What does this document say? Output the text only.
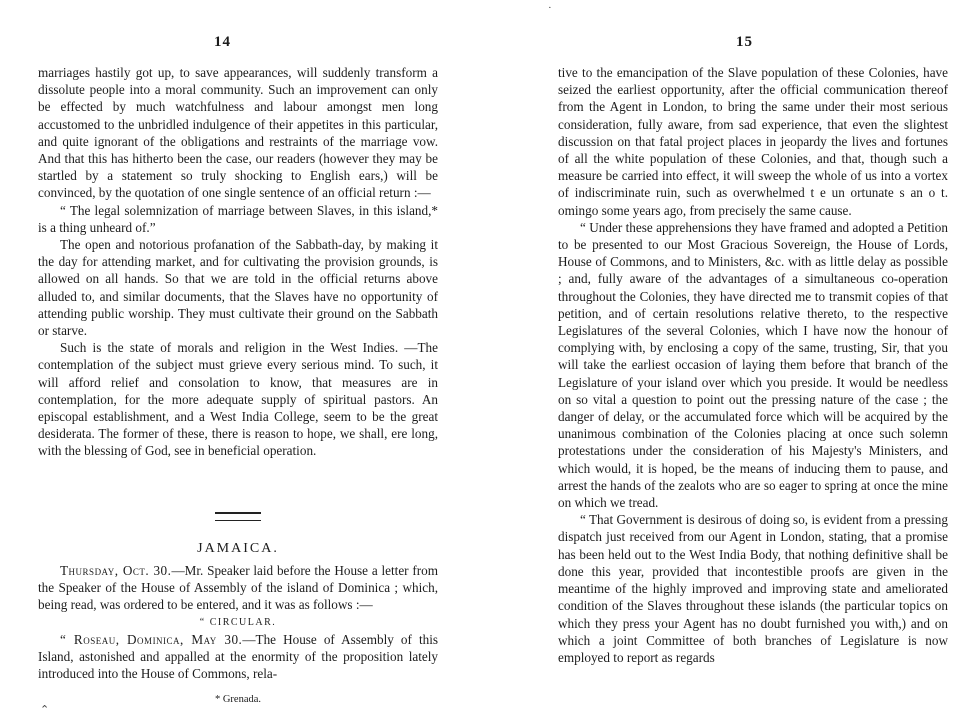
14

marriages hastily got up, to save appearances, will suddenly transform a dissolute people into a moral community. Such an improvement can only be effected by much watchfulness and labour amongst men long accustomed to the unbridled indulgence of their appetites in this particular, and quite ignorant of the obligations and restraints of the marriage vow. And that this has hitherto been the case, our readers (however they may be startled by a statement so truly shocking to English ears,) will be convinced, by the quotation of one single sentence of an official return :—

“ The legal solemnization of marriage between Slaves, in this island,* is a thing unheard of.”

The open and notorious profanation of the Sabbath-day, by making it the day for attending market, and for cultivating the provision grounds, is allowed on all hands. So that we are told in the official returns above alluded to, and similar documents, that the Slaves have no opportunity of attending public worship. They must cultivate their ground on the Sabbath or starve.

Such is the state of morals and religion in the West Indies. —The contemplation of the subject must grieve every serious mind. To such, it will afford relief and consolation to know, that measures are in contemplation, for the more adequate supply of spiritual pastors. An episcopal establishment, and a West India College, seem to be the great desiderata. The former of these, there is reason to hope, we shall, ere long, with the blessing of God, see in beneficial operation.

JAMAICA.

Thursday, Oct. 30.—Mr. Speaker laid before the House a letter from the Speaker of the House of Assembly of the island of Dominica ; which, being read, was ordered to be entered, and it was as follows :—

“ CIRCULAR.

“ Roseau, Dominica, May 30.—The House of Assembly of this Island, astonished and appalled at the enormity of the proposition lately introduced into the House of Commons, rela-

* Grenada.
15

tive to the emancipation of the Slave population of these Colonies, have seized the earliest opportunity, after the official communication thereof from the Agent in London, to bring the same under their most serious consideration, fully aware, from sad experience, that even the slightest discussion on that fatal project places in jeopardy the lives and fortunes of all the white population of these Colonies, and that, though such a measure be carried into effect, it will sweep the whole of us into a vortex of indiscriminate ruin, such as overwhelmed t e un ortunate s an o t. omingo some years ago, from precisely the same cause.

“ Under these apprehensions they have framed and adopted a Petition to be presented to our Most Gracious Sovereign, the House of Lords, House of Commons, and to Ministers, &c. with as little delay as possible ; and, fully aware of the advantages of a simultaneous co-operation throughout the Colonies, they have directed me to transmit copies of that petition, and of certain resolutions relative thereto, to the respective Legislatures of the several Colonies, which I have now the honour of complying with, by enclosing a copy of the same, trusting, Sir, that you will take the earliest occasion of laying them before that branch of the Legislature of your island over which you preside. It would be needless on so vital a question to point out the pressing nature of the case ; the danger of delay, or the accumulated force which will be acquired by the unanimous combination of the Colonies placing at once such solemn protestations under the consideration of his Majesty's Ministers, and which would, it is hoped, be the means of inducing them to pause, and arrest the hands of the zealots who are so eager to spring at once the mine on which we tread.

“ That Government is desirous of doing so, is evident from a pressing dispatch just received from our Agent in London, stating, that a promise has been held out to the West India Body, that nothing definitive shall be done this year, provided that incontestible proofs are given in the meantime of the highly improved and improving state and ameliorated condition of the Slaves throughout these islands (the particular topics on which they press your Agent has no doubt furnished you with,) and on which a joint Committee of both branches of Legislature is now employed to report as regards

·
⌃
